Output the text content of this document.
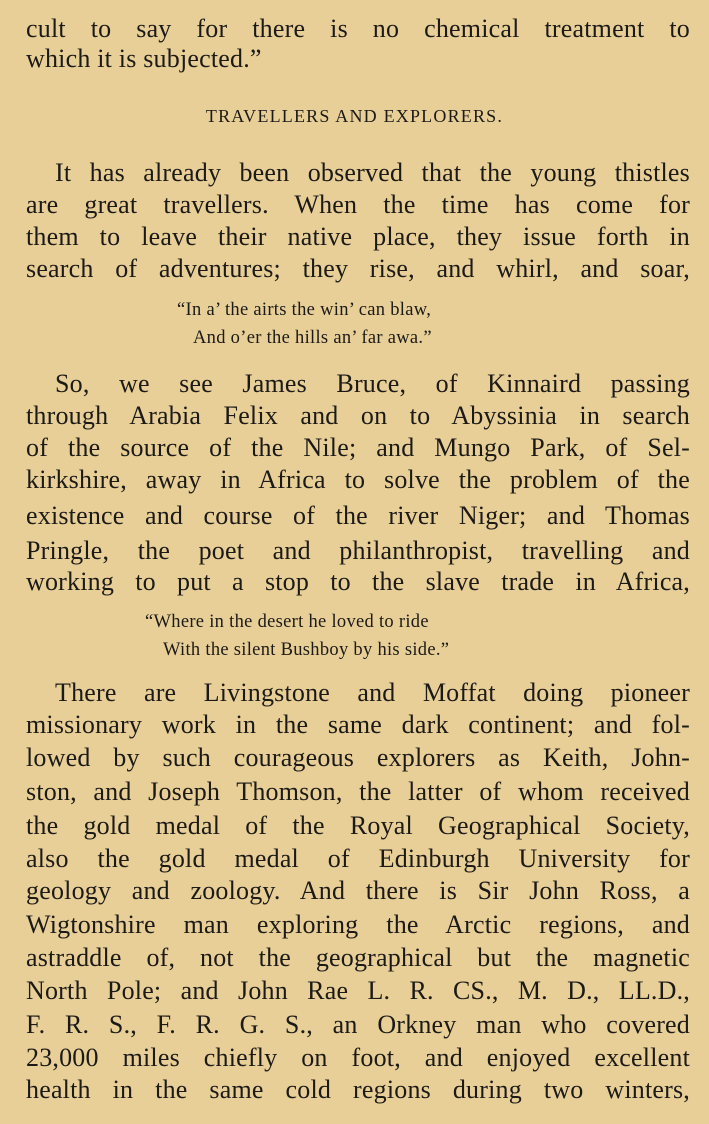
cult to say for there is no chemical treatment to
which it is subjected.”
TRAVELLERS AND EXPLORERS.
It has already been observed that the young thistles
are great travellers. When the time has come for
them to leave their native place, they issue forth in
search of adventures; they rise, and whirl, and soar,
“In a’ the airts the win’ can blaw,
And o’er the hills an’ far awa.”
So, we see James Bruce, of Kinnaird passing
through Arabia Felix and on to Abyssinia in search
of the source of the Nile; and Mungo Park, of Sel-
kirkshire, away in Africa to solve the problem of the
existence and course of the river Niger; and Thomas
Pringle, the poet and philanthropist, travelling and
working to put a stop to the slave trade in Africa,
“Where in the desert he loved to ride
With the silent Bushboy by his side.”
There are Livingstone and Moffat doing pioneer
missionary work in the same dark continent; and fol-
lowed by such courageous explorers as Keith, John-
ston, and Joseph Thomson, the latter of whom received
the gold medal of the Royal Geographical Society,
also the gold medal of Edinburgh University for
geology and zoology. And there is Sir John Ross, a
Wigtonshire man exploring the Arctic regions, and
astraddle of, not the geographical but the magnetic
North Pole; and John Rae L. R. CS., M. D., LL.D.,
F. R. S., F. R. G. S., an Orkney man who covered
23,000 miles chiefly on foot, and enjoyed excellent
health in the same cold regions during two winters,
